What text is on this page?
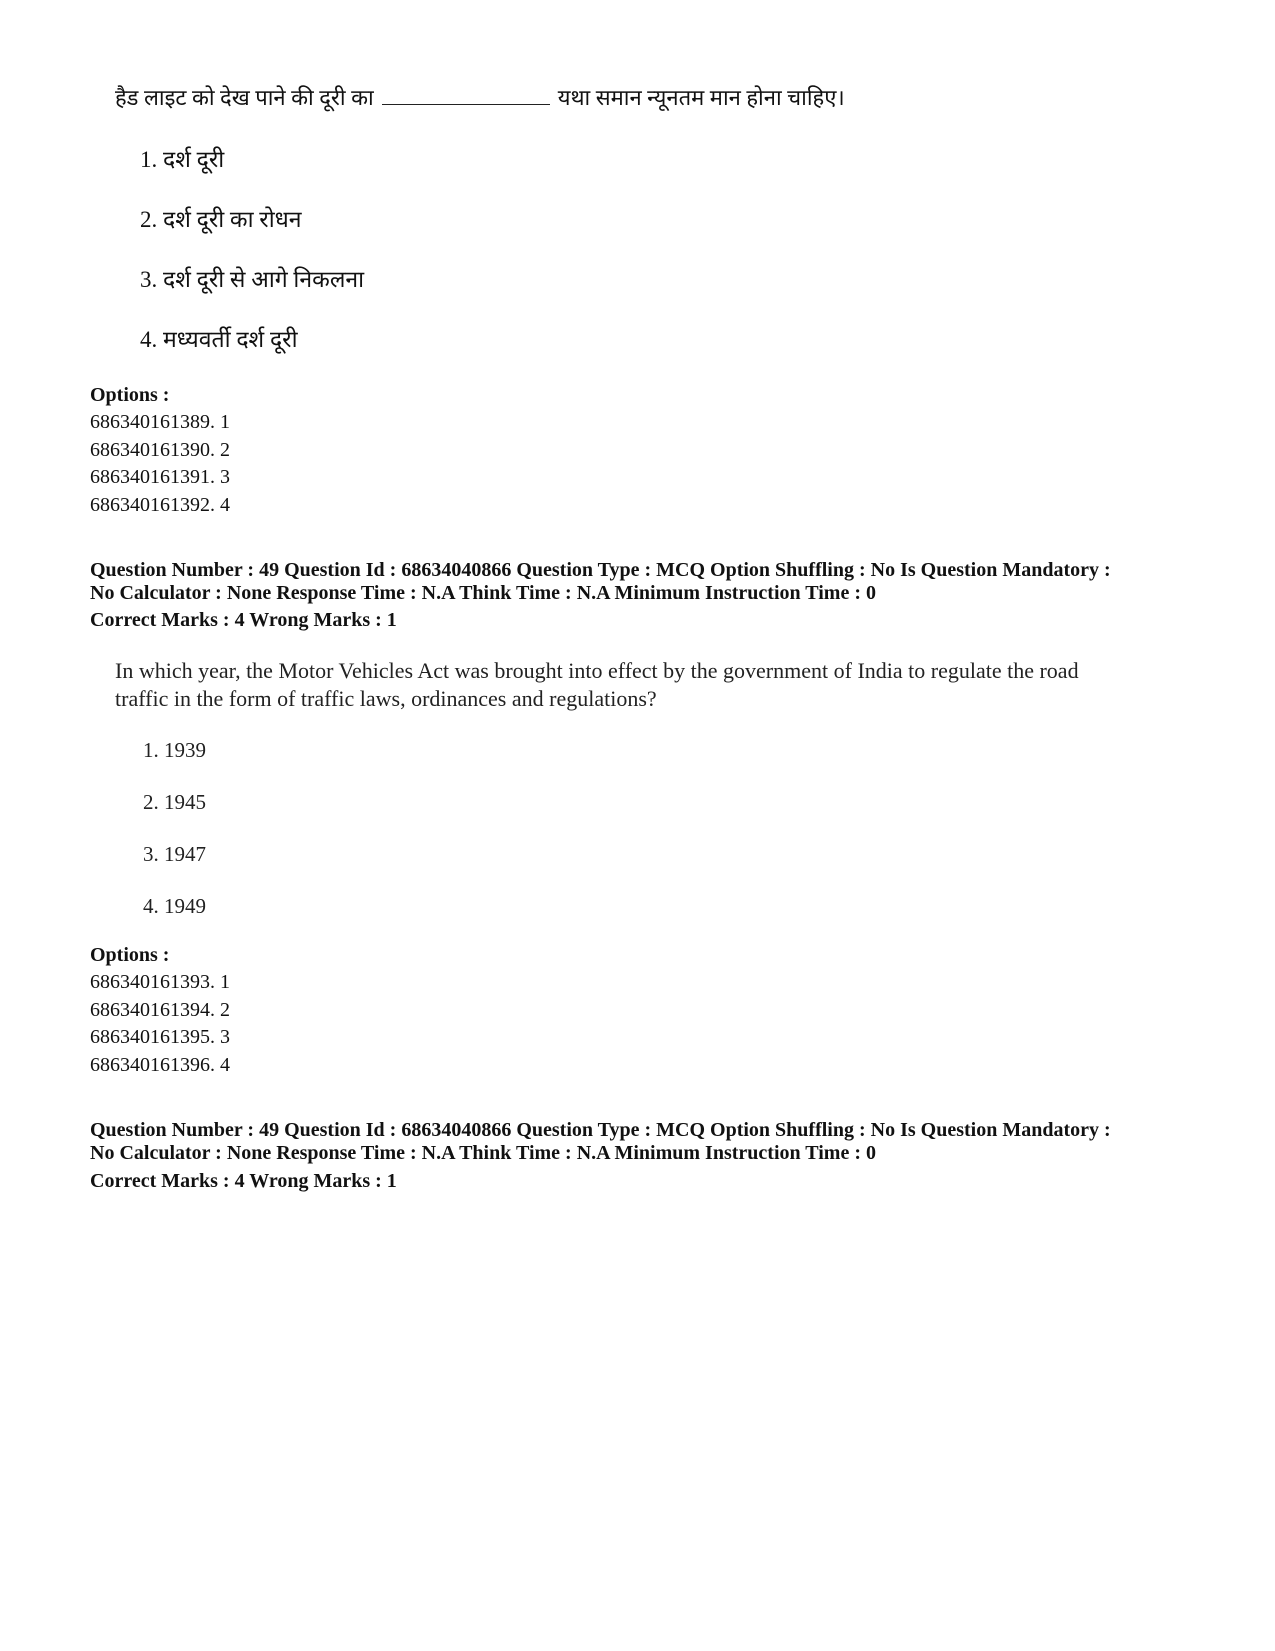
हैड लाइट को देख पाने की दूरी का	यथा समान न्यूनतम मान होना चाहिए।
1. दर्श दूरी
2. दर्श दूरी का रोधन
3. दर्श दूरी से आगे निकलना
4. मध्यवर्ती दर्श दूरी
Options :
686340161389. 1
686340161390. 2
686340161391. 3
686340161392. 4
Question Number : 49 Question Id : 68634040866 Question Type : MCQ Option Shuffling : No Is Question Mandatory :
No Calculator : None Response Time : N.A Think Time : N.A Minimum Instruction Time : 0
Correct Marks : 4 Wrong Marks : 1
In which year, the Motor Vehicles Act was brought into effect by the government of India to regulate the road
traffic in the form of traffic laws, ordinances and regulations?
1. 1939
2. 1945
3. 1947
4. 1949
Options :
686340161393. 1
686340161394. 2
686340161395. 3
686340161396. 4
Question Number : 49 Question Id : 68634040866 Question Type : MCQ Option Shuffling : No Is Question Mandatory :
No Calculator : None Response Time : N.A Think Time : N.A Minimum Instruction Time : 0
Correct Marks : 4 Wrong Marks : 1
